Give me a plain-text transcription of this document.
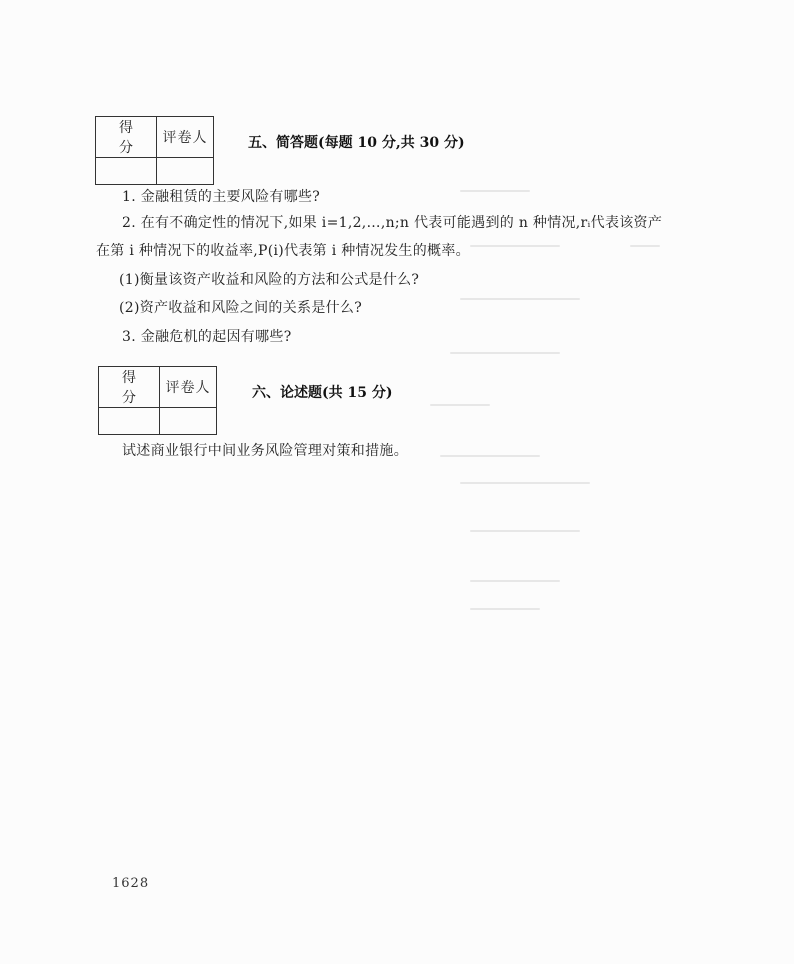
得 分	评卷人
		五、简答题(每题 10 分,共 30 分)
1. 金融租赁的主要风险有哪些?
2. 在有不确定性的情况下,如果 i=1,2,…,n;n 代表可能遇到的 n 种情况,rᵢ代表该资产
在第 i 种情况下的收益率,P(i)代表第 i 种情况发生的概率。
(1)衡量该资产收益和风险的方法和公式是什么?
(2)资产收益和风险之间的关系是什么?
3. 金融危机的起因有哪些?
得 分	评卷人
		六、论述题(共 15 分)
试述商业银行中间业务风险管理对策和措施。
1628
